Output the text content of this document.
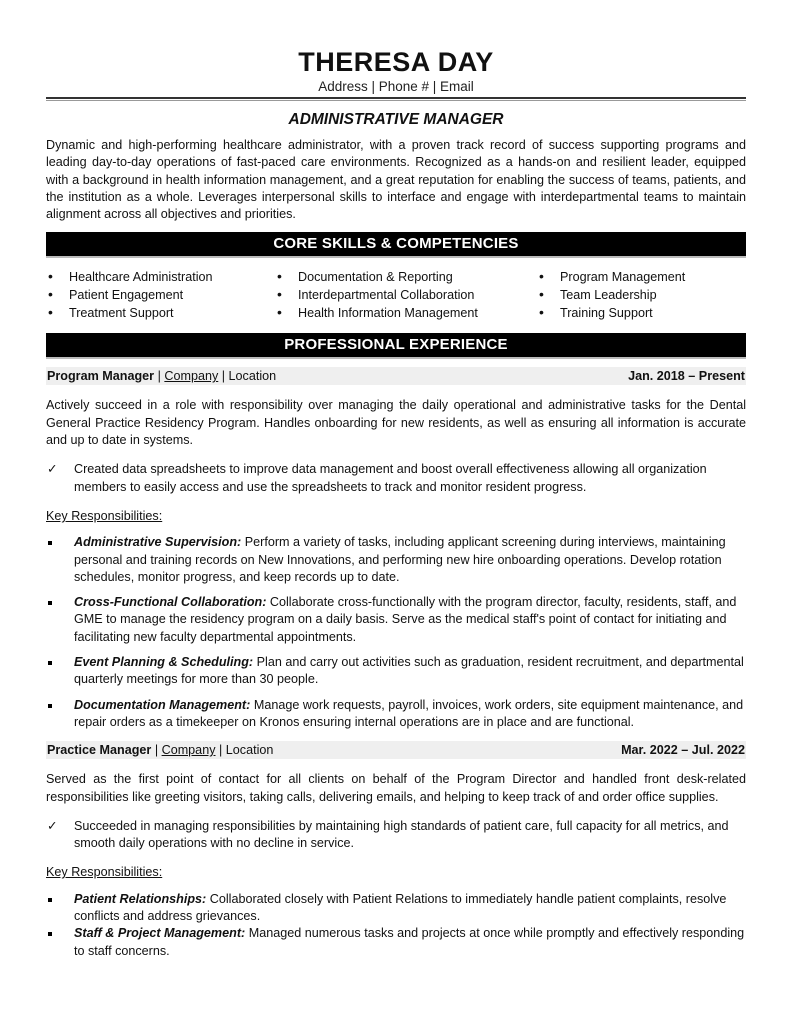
THERESA DAY
Address | Phone # | Email
ADMINISTRATIVE MANAGER
Dynamic and high-performing healthcare administrator, with a proven track record of success supporting programs and leading day-to-day operations of fast-paced care environments. Recognized as a hands-on and resilient leader, equipped with a background in health information management, and a great reputation for enabling the success of teams, patients, and the institution as a whole. Leverages interpersonal skills to interface and engage with interdepartmental teams to maintain alignment across all objectives and priorities.
CORE SKILLS & COMPETENCIES
• Healthcare Administration
• Patient Engagement
• Treatment Support
• Documentation & Reporting
• Interdepartmental Collaboration
• Health Information Management
• Program Management
• Team Leadership
• Training Support
PROFESSIONAL EXPERIENCE
Program Manager | Company | Location	Jan. 2018 – Present
Actively succeed in a role with responsibility over managing the daily operational and administrative tasks for the Dental General Practice Residency Program. Handles onboarding for new residents, as well as ensuring all information is accurate and up to date in systems.
✓ Created data spreadsheets to improve data management and boost overall effectiveness allowing all organization members to easily access and use the spreadsheets to track and monitor resident progress.
Key Responsibilities:
Administrative Supervision: Perform a variety of tasks, including applicant screening during interviews, maintaining personal and training records on New Innovations, and performing new hire onboarding operations. Develop rotation schedules, monitor progress, and keep records up to date.
Cross-Functional Collaboration: Collaborate cross-functionally with the program director, faculty, residents, staff, and GME to manage the residency program on a daily basis. Serve as the medical staff's point of contact for initiating and facilitating new faculty departmental appointments.
Event Planning & Scheduling: Plan and carry out activities such as graduation, resident recruitment, and departmental quarterly meetings for more than 30 people.
Documentation Management: Manage work requests, payroll, invoices, work orders, site equipment maintenance, and repair orders as a timekeeper on Kronos ensuring internal operations are in place and are functional.
Practice Manager | Company | Location	Mar. 2022 – Jul. 2022
Served as the first point of contact for all clients on behalf of the Program Director and handled front desk-related responsibilities like greeting visitors, taking calls, delivering emails, and helping to keep track of and order office supplies.
✓ Succeeded in managing responsibilities by maintaining high standards of patient care, full capacity for all metrics, and smooth daily operations with no decline in service.
Key Responsibilities:
Patient Relationships: Collaborated closely with Patient Relations to immediately handle patient complaints, resolve conflicts and address grievances.
Staff & Project Management: Managed numerous tasks and projects at once while promptly and effectively responding to staff concerns.
